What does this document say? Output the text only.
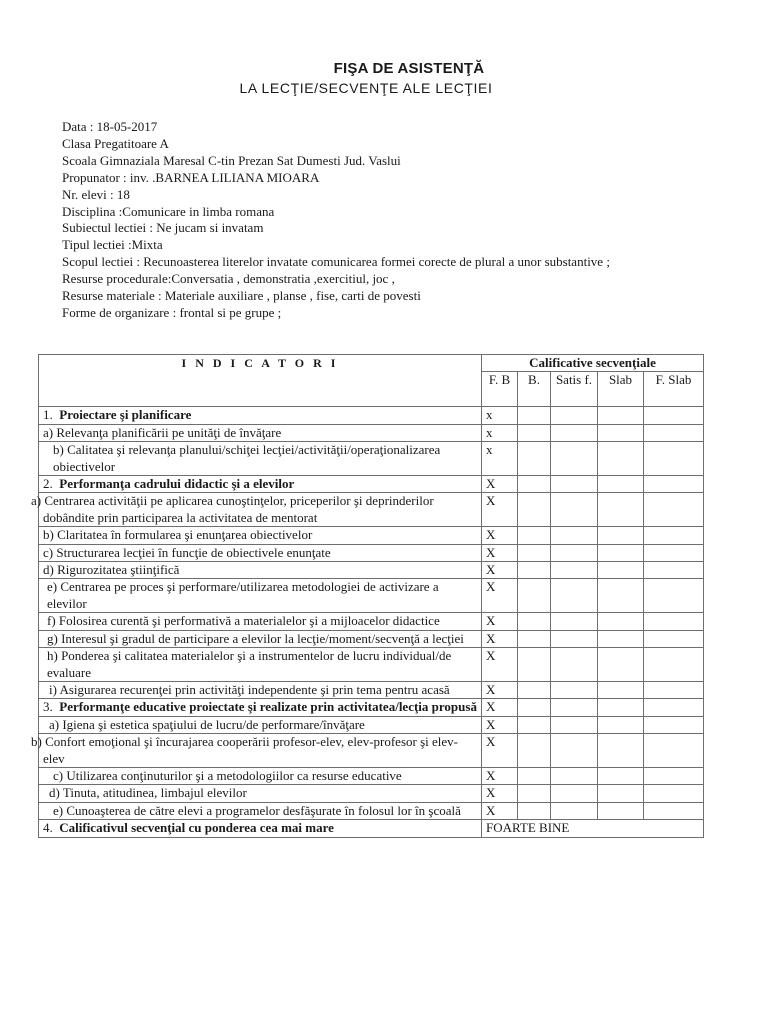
FIŞA DE ASISTENŢĂ
LA LECŢIE/SECVENŢE ALE LECŢIEI
Data : 18-05-2017
Clasa Pregatitoare A
Scoala Gimnaziala Maresal C-tin Prezan Sat Dumesti Jud. Vaslui
Propunator : inv. .BARNEA LILIANA MIOARA
Nr. elevi : 18
Disciplina :Comunicare in limba romana
Subiectul lectiei : Ne jucam si invatam
Tipul lectiei :Mixta
Scopul lectiei : Recunoasterea literelor invatate comunicarea formei corecte de plural a unor substantive ;
Resurse procedurale:Conversatia , demonstratia ,exercitiul, joc ,
Resurse materiale : Materiale auxiliare , planse , fise, carti de povesti
Forme de organizare : frontal si pe grupe ;
I N D I C A T O R I	Calificative secvenţiale				
	F. B	B.	Satis f.	Slab	F. Slab
1. Proiectare şi planificare	x				
a) Relevanţa planificării pe unităţi de învăţare	x				
b) Calitatea şi relevanţa planului/schiţei lecţiei/activităţii/operaţionalizarea obiectivelor	x				
2. Performanţa cadrului didactic şi a elevilor	X				
a) Centrarea activităţii pe aplicarea cunoştinţelor, priceperilor şi deprinderilor dobândite prin participarea la activitatea de mentorat	X				
b) Claritatea în formularea şi enunţarea obiectivelor	X				
c) Structurarea lecţiei în funcţie de obiectivele enunţate	X				
d) Rigurozitatea ştiinţifică	X				
e) Centrarea pe proces şi performare/utilizarea metodologiei de activizare a elevilor	X				
f) Folosirea curentă şi performativă a materialelor şi a mijloacelor didactice	X				
g) Interesul şi gradul de participare a elevilor la lecţie/moment/secvenţă a lecţiei	X				
h) Ponderea şi calitatea materialelor şi a instrumentelor de lucru individual/de evaluare	X				
i) Asigurarea recurenţei prin activităţi independente şi prin tema pentru acasă	X				
3. Performanţe educative proiectate şi realizate prin activitatea/lecţia propusă	X				
a) Igiena şi estetica spaţiului de lucru/de performare/învăţare	X				
b) Confort emoţional şi încurajarea cooperării profesor-elev, elev-profesor şi elev-elev	X				
c) Utilizarea conţinuturilor şi a metodologiilor ca resurse educative	X				
d) Tinuta, atitudinea, limbajul elevilor	X				
e) Cunoaşterea de către elevi a programelor desfăşurate în folosul lor în şcoală	X				
4. Calificativul secvenţial cu ponderea cea mai mare	FOARTE BINE				
